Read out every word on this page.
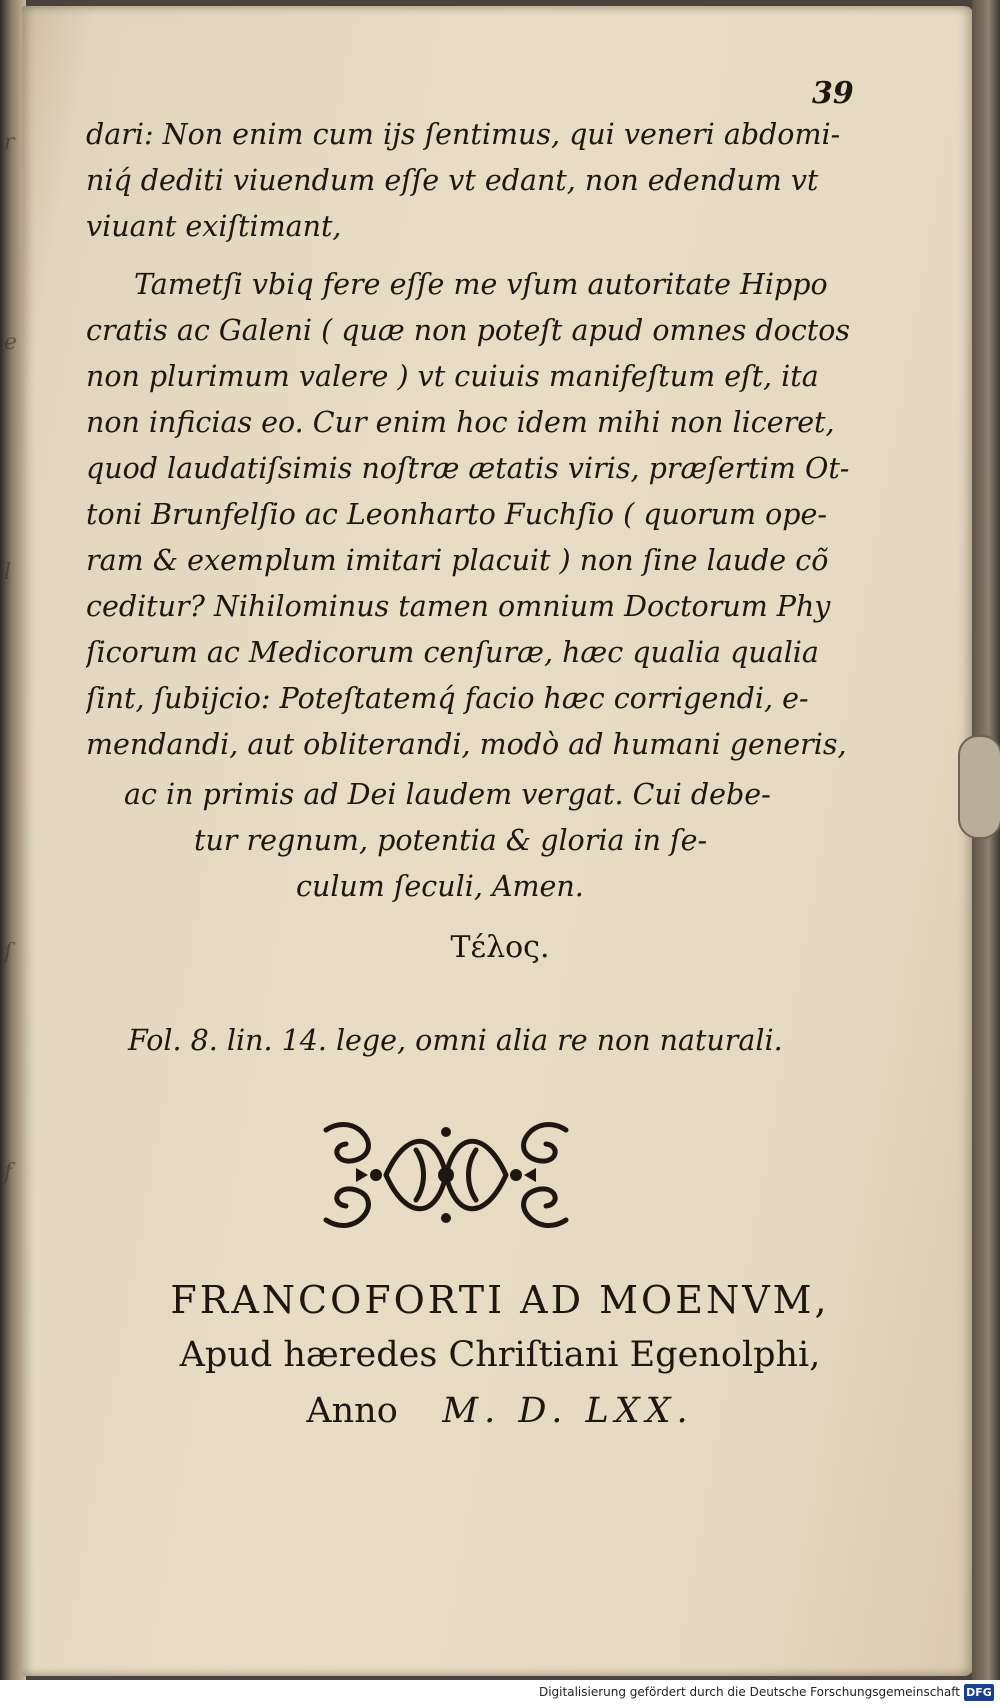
r
e
l
ſ
f
39
dari: Non enim cum ijs ſentimus, qui veneri abdomi-
niq́ dediti viuendum eſſe vt edant, non edendum vt
viuant exiſtimant,
Tametſi vbiq fere eſſe me vſum autoritate Hippo
cratis ac Galeni ( quæ non poteſt apud omnes doctos
non plurimum valere ) vt cuiuis manifeſtum eſt, ita
non inficias eo. Cur enim hoc idem mihi non liceret,
quod laudatiſsimis noſtræ ætatis viris, præſertim Ot-
toni Brunfelſio ac Leonharto Fuchſio ( quorum ope-
ram & exemplum imitari placuit ) non ſine laude cõ
ceditur? Nihilominus tamen omnium Doctorum Phy
ſicorum ac Medicorum cenſuræ, hæc qualia qualia
ſint, ſubijcio: Poteſtatemq́ facio hæc corrigendi, e-
mendandi, aut obliterandi, modò ad humani generis,
ac in primis ad Dei laudem vergat. Cui debe-
tur regnum, potentia & gloria in ſe-
culum ſeculi, Amen.
Τέλος.
Fol. 8. lin. 14. lege, omni alia re non naturali.
FRANCOFORTI AD MOENVM,
Apud hæredes Chriſtiani Egenolphi,
Anno M. D. LXX.
Digitalisierung gefördert durch die Deutsche Forschungsgemeinschaft DFG
